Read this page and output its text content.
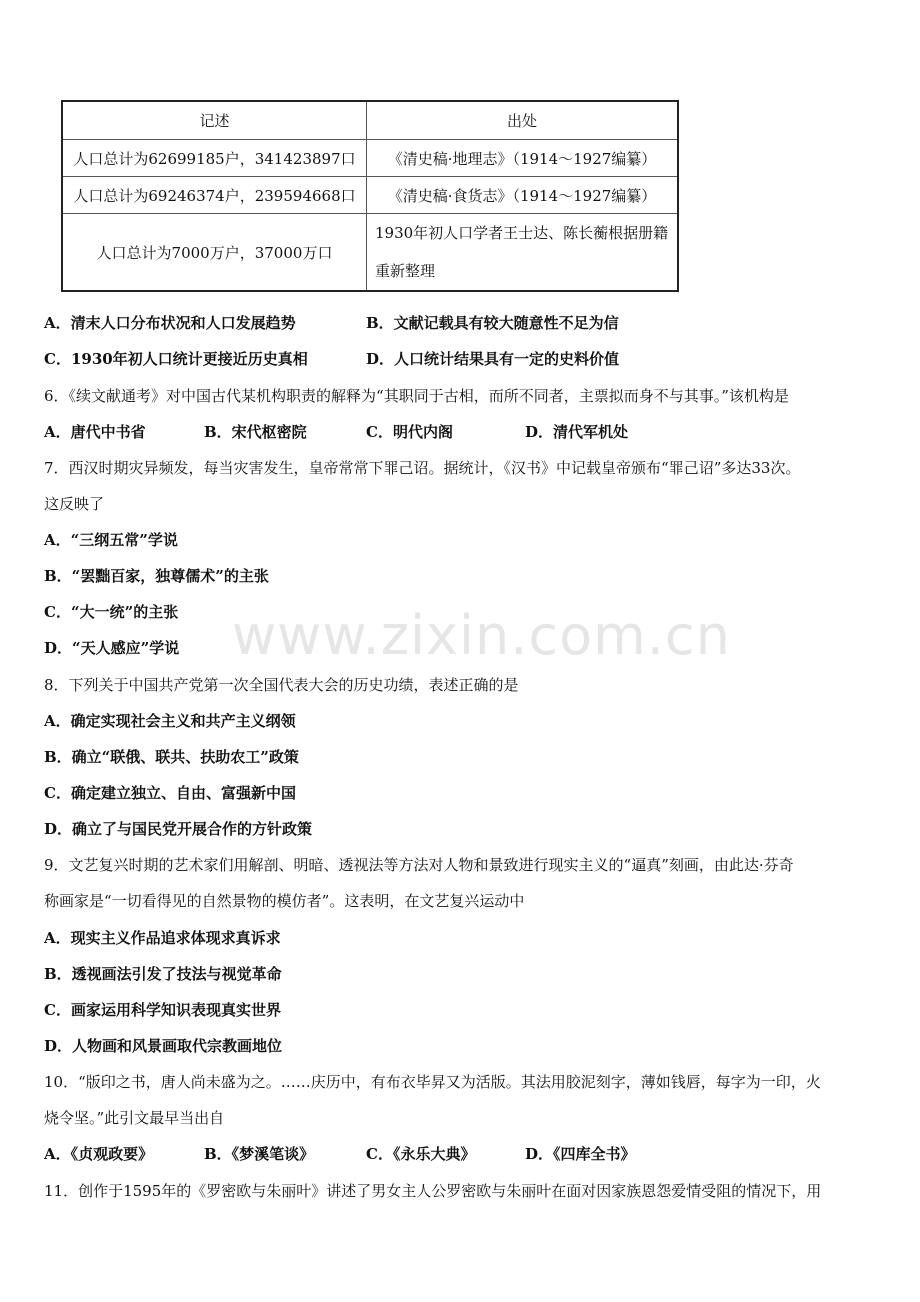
记述	出处
人口总计为62699185户，341423897口	《清史稿·地理志》（1914～1927编纂）
人口总计为69246374户，239594668口	《清史稿·食货志》（1914～1927编纂）
人口总计为7000万户，37000万口	1930年初人口学者王士达、陈长蘅根据册籍重新整理
A．清末人口分布状况和人口发展趋势	B．文献记载具有较大随意性不足为信
C．1930年初人口统计更接近历史真相	D．人口统计结果具有一定的史料价值
6．《续文献通考》对中国古代某机构职责的解释为“其职同于古相，而所不同者，主票拟而身不与其事。”该机构是
A．唐代中书省	B．宋代枢密院	C．明代内阁	D．清代军机处
7．西汉时期灾异频发，每当灾害发生，皇帝常常下罪己诏。据统计，《汉书》中记载皇帝颁布“罪己诏”多达33次。
这反映了
A．“三纲五常”学说
B．“罢黜百家，独尊儒术”的主张
C．“大一统”的主张
D．“天人感应”学说
8．下列关于中国共产党第一次全国代表大会的历史功绩，表述正确的是
A．确定实现社会主义和共产主义纲领
B．确立“联俄、联共、扶助农工”政策
C．确定建立独立、自由、富强新中国
D．确立了与国民党开展合作的方针政策
9．文艺复兴时期的艺术家们用解剖、明暗、透视法等方法对人物和景致进行现实主义的“逼真”刻画，由此达·芬奇
称画家是“一切看得见的自然景物的模仿者”。这表明，在文艺复兴运动中
A．现实主义作品追求体现求真诉求
B．透视画法引发了技法与视觉革命
C．画家运用科学知识表现真实世界
D．人物画和风景画取代宗教画地位
10．“版印之书，唐人尚未盛为之。……庆历中，有布衣毕昇又为活版。其法用胶泥刻字，薄如钱唇，每字为一印，火
烧令坚。”此引文最早当出自
A．《贞观政要》	B．《梦溪笔谈》	C．《永乐大典》	D．《四库全书》
11．创作于1595年的《罗密欧与朱丽叶》讲述了男女主人公罗密欧与朱丽叶在面对因家族恩怨爱情受阻的情况下，用
www.zixin.com.cn
